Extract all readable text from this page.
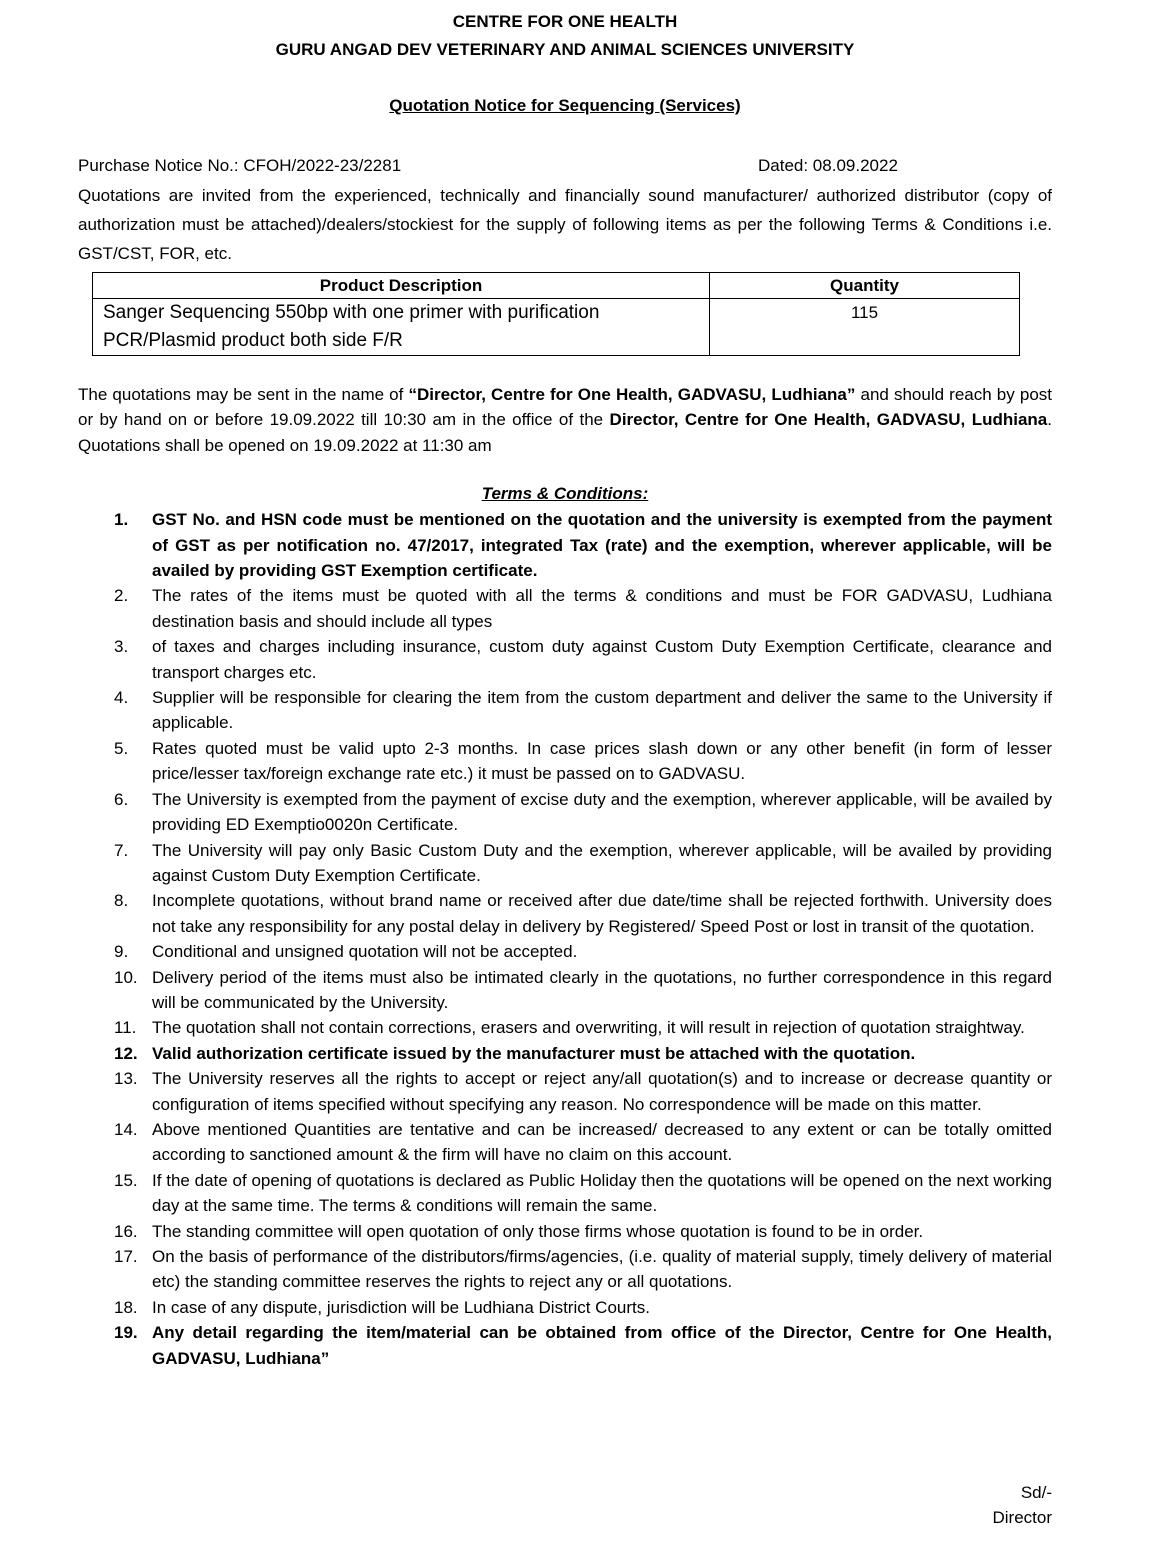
CENTRE FOR ONE HEALTH

GURU ANGAD DEV VETERINARY AND ANIMAL SCIENCES UNIVERSITY

Quotation Notice for Sequencing (Services)

Purchase Notice No.: CFOH/2022-23/2281	Dated: 08.09.2022

Quotations are invited from the experienced, technically and financially sound manufacturer/ authorized distributor (copy of authorization must be attached)/dealers/stockiest for the supply of following items as per the following Terms & Conditions i.e. GST/CST, FOR, etc.

Product Description	Quantity
Sanger Sequencing 550bp with one primer with purification PCR/Plasmid product both side F/R	115

The quotations may be sent in the name of “Director, Centre for One Health, GADVASU, Ludhiana” and should reach by post or by hand on or before 19.09.2022 till 10:30 am in the office of the Director, Centre for One Health, GADVASU, Ludhiana. Quotations shall be opened on 19.09.2022 at 11:30 am

Terms & Conditions:

1. GST No. and HSN code must be mentioned on the quotation and the university is exempted from the payment of GST as per notification no. 47/2017, integrated Tax (rate) and the exemption, wherever applicable, will be availed by providing GST Exemption certificate.
2. The rates of the items must be quoted with all the terms & conditions and must be FOR GADVASU, Ludhiana destination basis and should include all types
3. of taxes and charges including insurance, custom duty against Custom Duty Exemption Certificate, clearance and transport charges etc.
4. Supplier will be responsible for clearing the item from the custom department and deliver the same to the University if applicable.
5. Rates quoted must be valid upto 2-3 months. In case prices slash down or any other benefit (in form of lesser price/lesser tax/foreign exchange rate etc.) it must be passed on to GADVASU.
6. The University is exempted from the payment of excise duty and the exemption, wherever applicable, will be availed by providing ED Exemptio0020n Certificate.
7. The University will pay only Basic Custom Duty and the exemption, wherever applicable, will be availed by providing against Custom Duty Exemption Certificate.
8. Incomplete quotations, without brand name or received after due date/time shall be rejected forthwith. University does not take any responsibility for any postal delay in delivery by Registered/ Speed Post or lost in transit of the quotation.
9. Conditional and unsigned quotation will not be accepted.
10. Delivery period of the items must also be intimated clearly in the quotations, no further correspondence in this regard will be communicated by the University.
11. The quotation shall not contain corrections, erasers and overwriting, it will result in rejection of quotation straightway.
12. Valid authorization certificate issued by the manufacturer must be attached with the quotation.
13. The University reserves all the rights to accept or reject any/all quotation(s) and to increase or decrease quantity or configuration of items specified without specifying any reason. No correspondence will be made on this matter.
14. Above mentioned Quantities are tentative and can be increased/ decreased to any extent or can be totally omitted according to sanctioned amount & the firm will have no claim on this account.
15. If the date of opening of quotations is declared as Public Holiday then the quotations will be opened on the next working day at the same time. The terms & conditions will remain the same.
16. The standing committee will open quotation of only those firms whose quotation is found to be in order.
17. On the basis of performance of the distributors/firms/agencies, (i.e. quality of material supply, timely delivery of material etc) the standing committee reserves the rights to reject any or all quotations.
18. In case of any dispute, jurisdiction will be Ludhiana District Courts.
19. Any detail regarding the item/material can be obtained from office of the Director, Centre for One Health, GADVASU, Ludhiana”
Sd/-
Director
